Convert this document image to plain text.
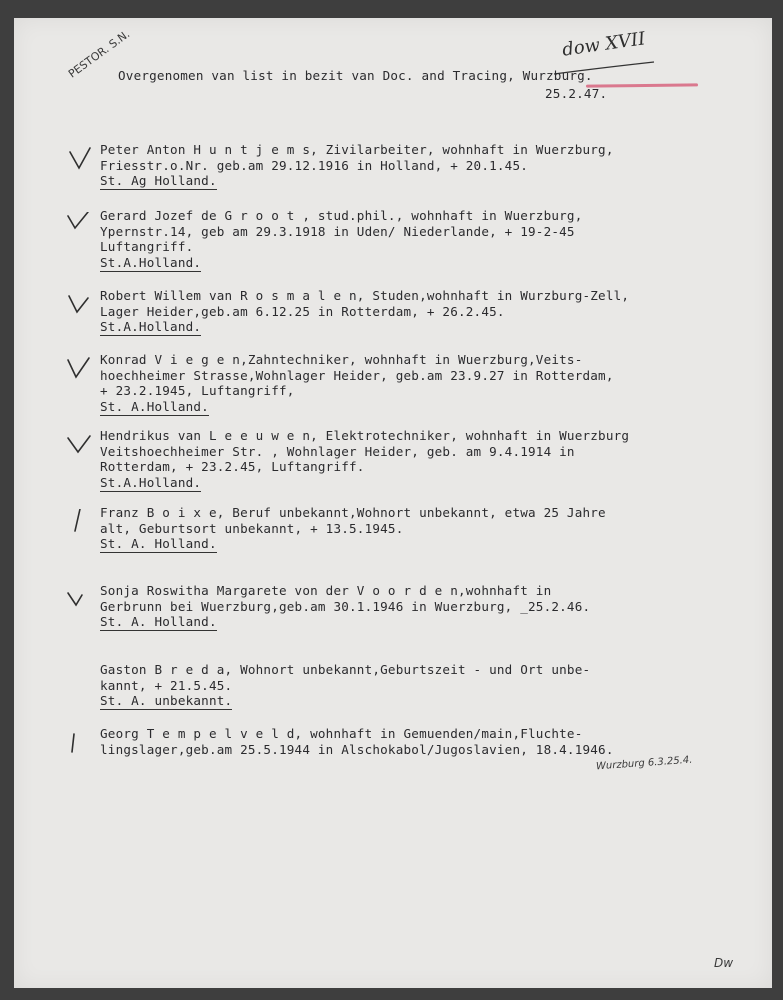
PESTOR. S.N.	dow XVII
Overgenomen van list in bezit van Doc. and Tracing, Wurzburg.
25.2.47.
Peter Anton H u n t j e m s, Zivilarbeiter, wohnhaft in Wuerzburg,
Friesstr.o.Nr. geb.am 29.12.1916 in Holland, + 20.1.45.
St. Ag Holland.
Gerard Jozef de G r o o t , stud.phil., wohnhaft in Wuerzburg,
Ypernstr.14, geb am 29.3.1918 in Uden/ Niederlande, + 19-2-45
Luftangriff.
St.A.Holland.
Robert Willem van R o s m a l e n, Studen,wohnhaft in Wurzburg-Zell,
Lager Heider,geb.am 6.12.25 in Rotterdam, + 26.2.45.
St.A.Holland.
Konrad V i e g e n,Zahntechniker, wohnhaft in Wuerzburg,Veits-
hoechheimer Strasse,Wohnlager Heider, geb.am 23.9.27 in Rotterdam,
+ 23.2.1945, Luftangriff,
St. A.Holland.
Hendrikus van L e e u w e n, Elektrotechniker, wohnhaft in Wuerzburg
Veitshoechheimer Str. , Wohnlager Heider, geb. am 9.4.1914 in
Rotterdam, + 23.2.45, Luftangriff.
St.A.Holland.
Franz B o i x e, Beruf unbekannt,Wohnort unbekannt, etwa 25 Jahre
alt, Geburtsort unbekannt, + 13.5.1945.
St. A. Holland.
Sonja Roswitha Margarete von der V o o r d e n,wohnhaft in
Gerbrunn bei Wuerzburg,geb.am 30.1.1946 in Wuerzburg, _25.2.46.
St. A. Holland.
Gaston B r e d a, Wohnort unbekannt,Geburtszeit - und Ort unbe-
kannt, + 21.5.45.
St. A. unbekannt.
Georg T e m p e l v e l d, wohnhaft in Gemuenden/main,Fluchte-
lingslager,geb.am 25.5.1944 in Alschokabol/Jugoslavien, 18.4.1946.
Wurzburg 6.3.25.4.
Dw
